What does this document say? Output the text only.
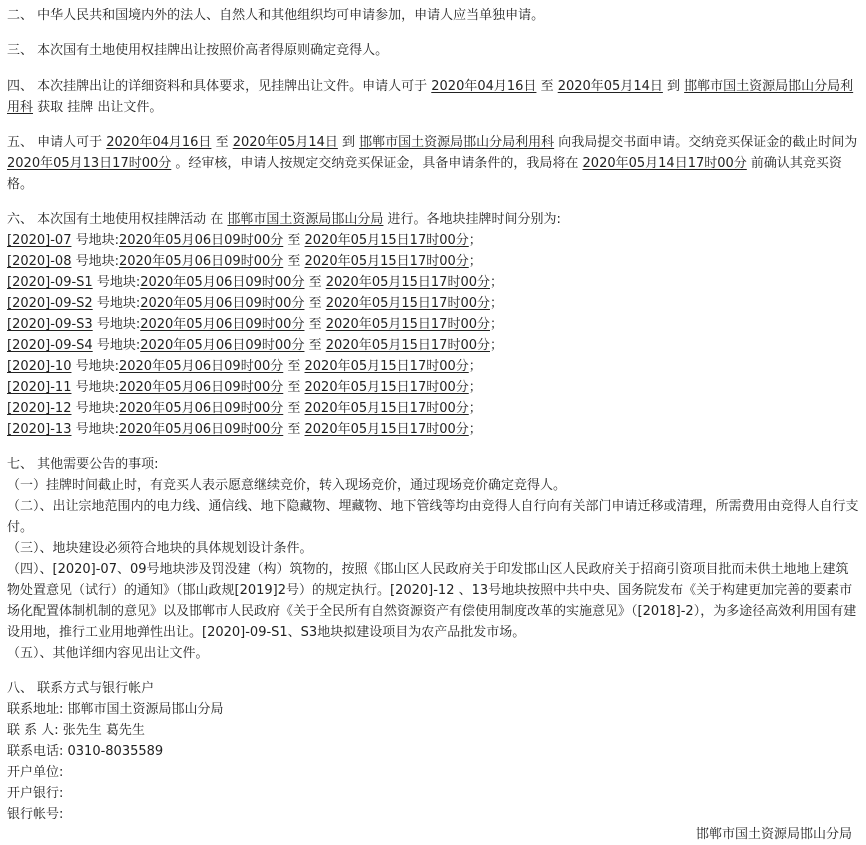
二、 中华人民共和国境内外的法人、自然人和其他组织均可申请参加，申请人应当单独申请。

三、 本次国有土地使用权挂牌出让按照价高者得原则确定竞得人。

四、 本次挂牌出让的详细资料和具体要求，见挂牌出让文件。申请人可于 2020年04月16日 至 2020年05月14日 到 邯郸市国土资源局邯山分局利用科 获取 挂牌 出让文件。

五、 申请人可于 2020年04月16日 至 2020年05月14日 到 邯郸市国土资源局邯山分局利用科 向我局提交书面申请。交纳竞买保证金的截止时间为2020年05月13日17时00分 。经审核，申请人按规定交纳竞买保证金，具备申请条件的，我局将在 2020年05月14日17时00分 前确认其竞买资格。

六、 本次国有土地使用权挂牌活动 在 邯郸市国土资源局邯山分局 进行。各地块挂牌时间分别为:

[2020]-07 号地块:2020年05月06日09时00分 至 2020年05月15日17时00分；
[2020]-08 号地块:2020年05月06日09时00分 至 2020年05月15日17时00分；
[2020]-09-S1 号地块:2020年05月06日09时00分 至 2020年05月15日17时00分；
[2020]-09-S2 号地块:2020年05月06日09时00分 至 2020年05月15日17时00分；
[2020]-09-S3 号地块:2020年05月06日09时00分 至 2020年05月15日17时00分；
[2020]-09-S4 号地块:2020年05月06日09时00分 至 2020年05月15日17时00分；
[2020]-10 号地块:2020年05月06日09时00分 至 2020年05月15日17时00分；
[2020]-11 号地块:2020年05月06日09时00分 至 2020年05月15日17时00分；
[2020]-12 号地块:2020年05月06日09时00分 至 2020年05月15日17时00分；
[2020]-13 号地块:2020年05月06日09时00分 至 2020年05月15日17时00分；

七、 其他需要公告的事项:

（一）挂牌时间截止时，有竞买人表示愿意继续竞价，转入现场竞价，通过现场竞价确定竞得人。

（二）、出让宗地范围内的电力线、通信线、地下隐藏物、埋藏物、地下管线等均由竞得人自行向有关部门申请迁移或清理，所需费用由竞得人自行支付。

（三）、地块建设必须符合地块的具体规划设计条件。

（四）、[2020]-07、09号地块涉及罚没建（构）筑物的，按照《邯山区人民政府关于印发邯山区人民政府关于招商引资项目批而未供土地地上建筑物处置意见（试行）的通知》（邯山政规[2019]2号）的规定执行。[2020]-12 、13号地块按照中共中央、国务院发布《关于构建更加完善的要素市场化配置体制机制的意见》以及邯郸市人民政府《关于全民所有自然资源资产有偿使用制度改革的实施意见》（[2018]-2），为多途径高效利用国有建设用地，推行工业用地弹性出让。[2020]-09-S1、S3地块拟建设项目为农产品批发市场。

（五）、其他详细内容见出让文件。

八、 联系方式与银行帐户

联系地址: 邯郸市国土资源局邯山分局

联 系 人: 张先生 葛先生

联系电话: 0310-8035589

开户单位:

开户银行:

银行帐号:

邯郸市国土资源局邯山分局
